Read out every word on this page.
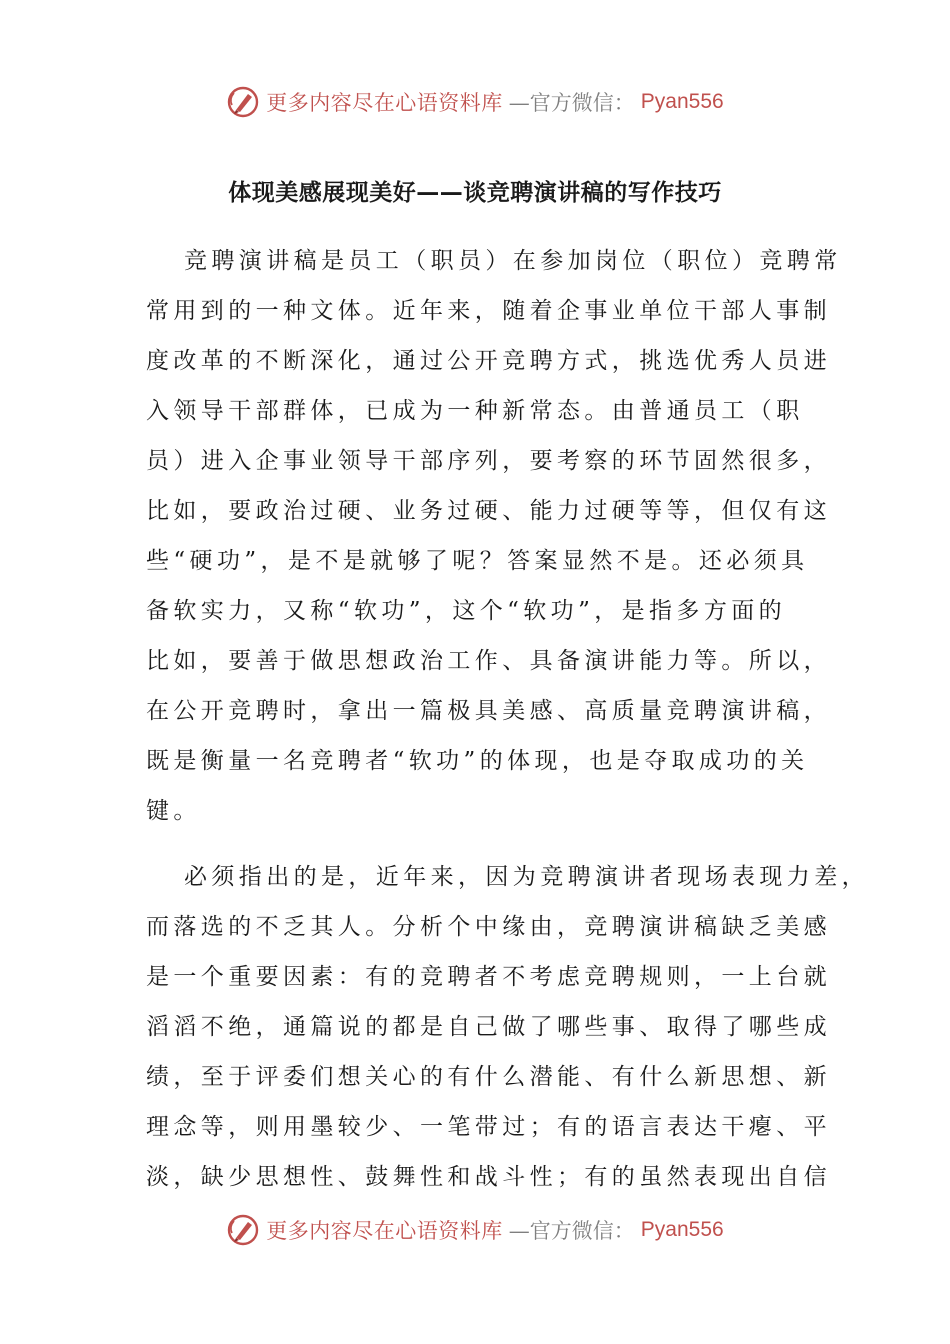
更多内容尽在心语资料库 —官方微信： Pyan556
体现美感展现美好——谈竞聘演讲稿的写作技巧

竞聘演讲稿是员工（职员）在参加岗位（职位）竞聘常
常用到的一种文体。近年来，随着企事业单位干部人事制
度改革的不断深化，通过公开竞聘方式，挑选优秀人员进
入领导干部群体，已成为一种新常态。由普通员工（职
员）进入企事业领导干部序列，要考察的环节固然很多，
比如，要政治过硬、业务过硬、能力过硬等等，但仅有这
些“硬功”，是不是就够了呢？答案显然不是。还必须具
备软实力，又称“软功”，这个“软功”，是指多方面的
比如，要善于做思想政治工作、具备演讲能力等。所以，
在公开竞聘时，拿出一篇极具美感、高质量竞聘演讲稿，
既是衡量一名竞聘者“软功”的体现，也是夺取成功的关
键。

必须指出的是，近年来，因为竞聘演讲者现场表现力差，
而落选的不乏其人。分析个中缘由，竞聘演讲稿缺乏美感
是一个重要因素：有的竞聘者不考虑竞聘规则，一上台就
滔滔不绝，通篇说的都是自己做了哪些事、取得了哪些成
绩，至于评委们想关心的有什么潜能、有什么新思想、新
理念等，则用墨较少、一笔带过；有的语言表达干瘪、平
淡，缺少思想性、鼓舞性和战斗性；有的虽然表现出自信

更多内容尽在心语资料库 —官方微信： Pyan556
